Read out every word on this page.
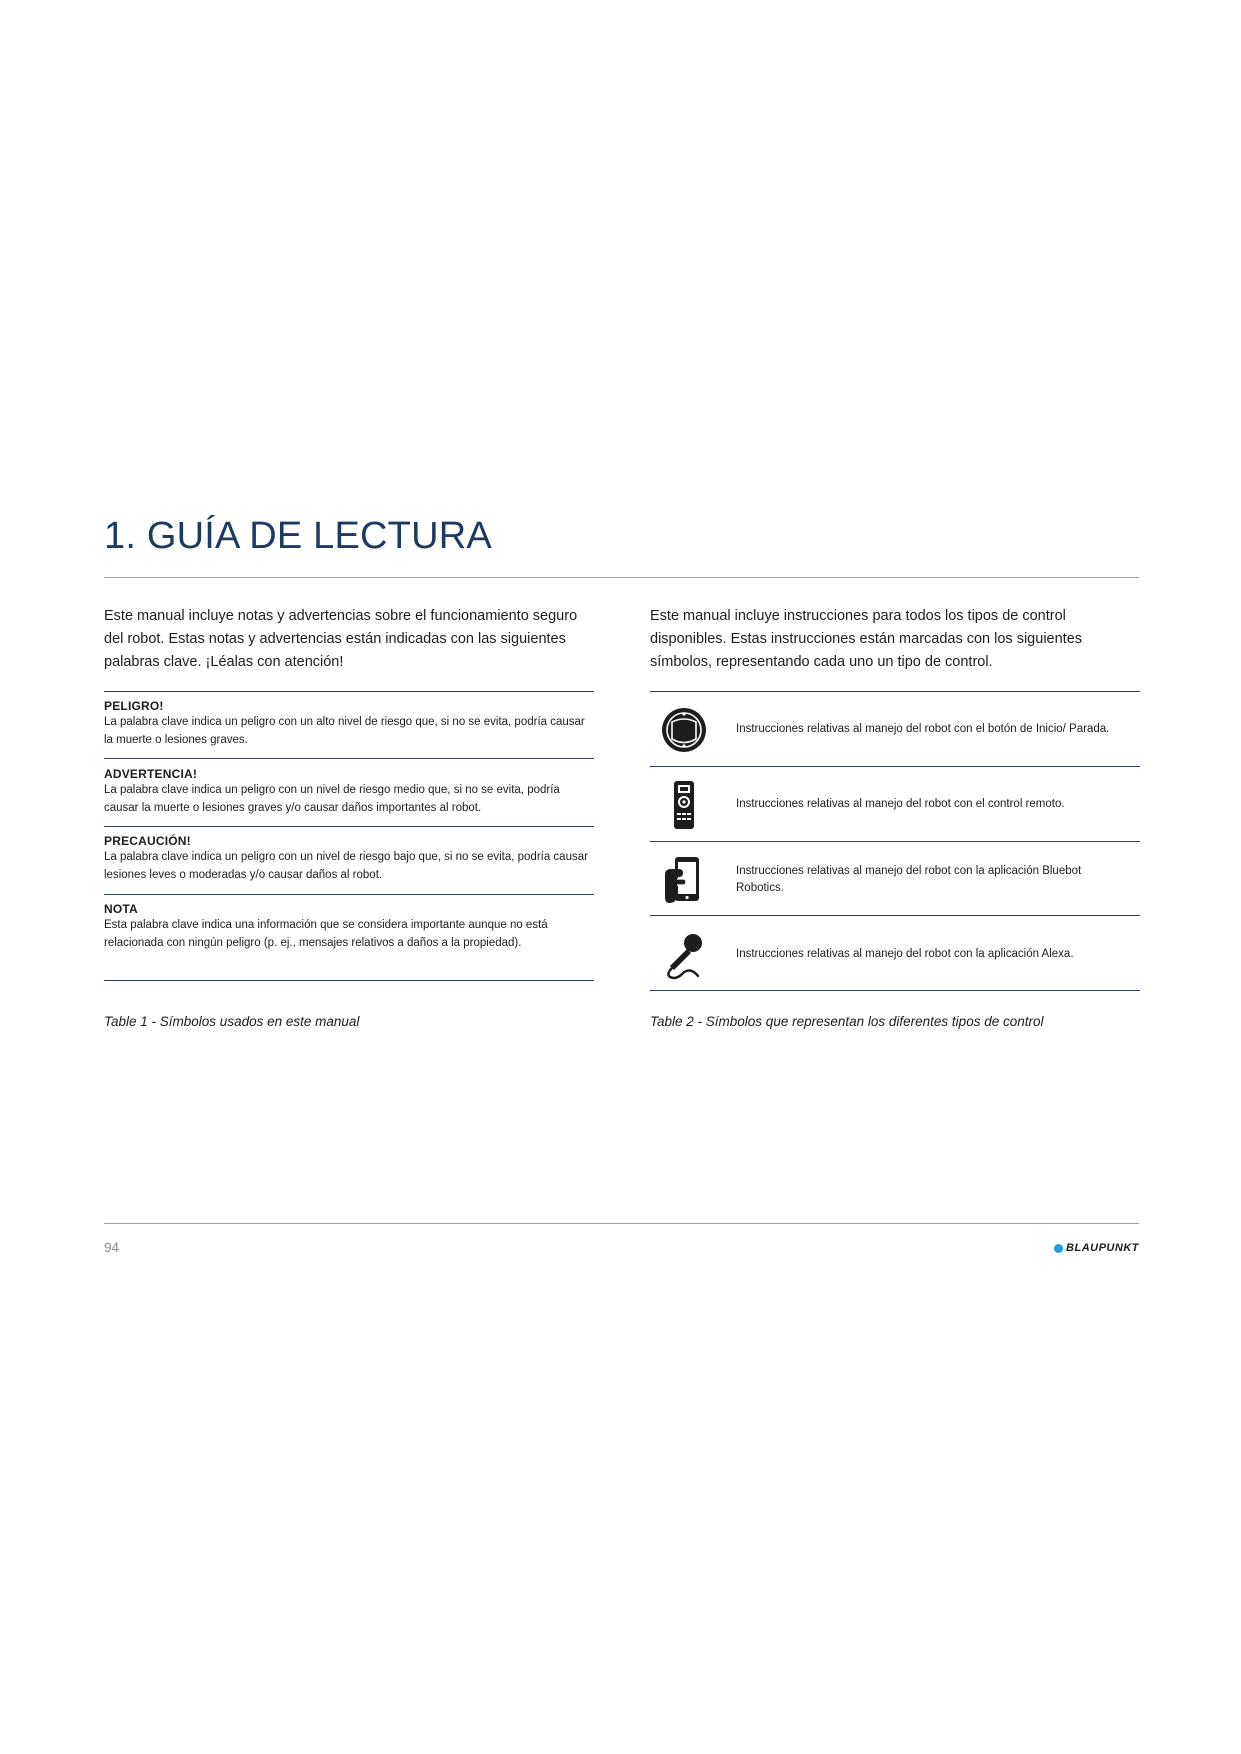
1. GUÍA DE LECTURA
Este manual incluye notas y advertencias sobre el funcionamiento seguro del robot. Estas notas y advertencias están indicadas con las siguientes palabras clave. ¡Léalas con atención!
PELIGRO!
La palabra clave indica un peligro con un alto nivel de riesgo que, si no se evita, podría causar la muerte o lesiones graves.
ADVERTENCIA!
La palabra clave indica un peligro con un nivel de riesgo medio que, si no se evita, podría causar la muerte o lesiones graves y/o causar daños importantes al robot.
PRECAUCIÓN!
La palabra clave indica un peligro con un nivel de riesgo bajo que, si no se evita, podría causar lesiones leves o moderadas y/o causar daños al robot.
NOTA
Esta palabra clave indica una información que se considera importante aunque no está relacionada con ningún peligro (p. ej., mensajes relativos a daños a la propiedad).
Table 1 - Símbolos usados en este manual
Este manual incluye instrucciones para todos los tipos de control disponibles. Estas instrucciones están marcadas con los siguientes símbolos, representando cada uno un tipo de control.
Instrucciones relativas al manejo del robot con el botón de Inicio/ Parada.
Instrucciones relativas al manejo del robot con el control remoto.
Instrucciones relativas al manejo del robot con la aplicación Bluebot Robotics.
Instrucciones relativas al manejo del robot con la aplicación Alexa.
Table 2 - Símbolos que representan los diferentes tipos de control
94	BLAUPUNKT
